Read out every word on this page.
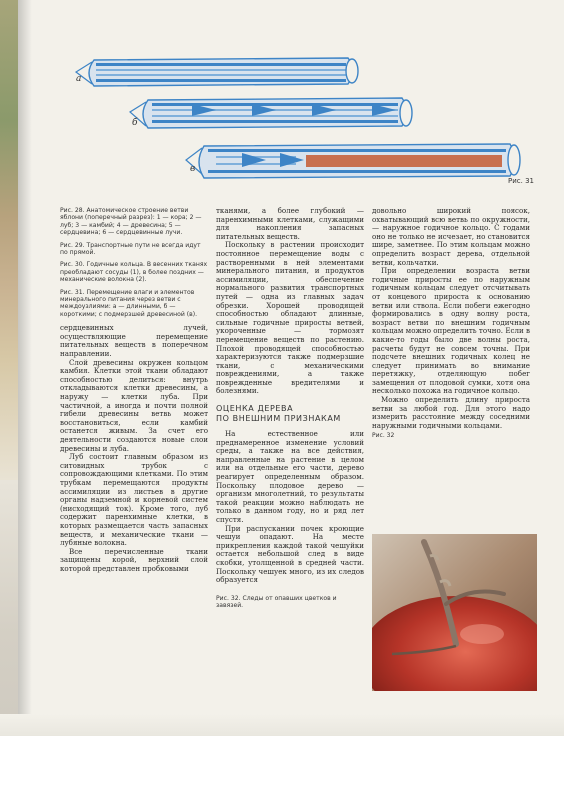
а
б
в
Рис. 31

Рис. 28. Анатомическое строение ветви яблони (поперечный разрез): 1 — кора; 2 — луб; 3 — камбий; 4 — древесина; 5 — сердцевина; 6 — сердцевинные лучи.

Рис. 29. Транспортные пути не всегда идут по прямой.

Рис. 30. Годичные кольца. В весенних тканях преобладают сосуды (1), в более поздних — механические волокна (2).

Рис. 31. Перемещение влаги и элементов минерального питания через ветви с междоузлиями: а — длинными, б — короткими; с подмерзшей древесиной (в).

сердцевинных лучей, осуществляющие перемещение питательных веществ в поперечном направлении.

Слой древесины окружен кольцом камбия. Клетки этой ткани обладают способностью делиться: внутрь откладываются клетки древесины, а наружу — клетки луба. При частичной, а иногда и почти полной гибели древесины ветвь может восстановиться, если камбий останется живым. За счет его деятельности создаются новые слои древесины и луба.

Луб состоит главным образом из ситовидных трубок с сопровождающими клетками. По этим трубкам перемещаются продукты ассимиляции из листьев в другие органы надземной и корневой систем (нисходящий ток). Кроме того, луб содержит паренхимные клетки, в которых размещается часть запасных веществ, и механические ткани — лубяные волокна.

Все перечисленные ткани защищены корой, верхний слой которой представлен пробковыми

тканями, а более глубокий — паренхимными клетками, служащими для накопления запасных питательных веществ.

Поскольку в растении происходит постоянное перемещение воды с растворенными в ней элементами минерального питания, и продуктов ассимиляции, обеспечение нормального развития транспортных путей — одна из главных задач обрезки. Хорошей проводящей способностью обладают длинные, сильные годичные приросты ветвей, укороченные — тормозят перемещение веществ по растению. Плохой проводящей способностью характеризуются также подмерзшие ткани, с механическими повреждениями, а также поврежденные вредителями и болезнями.

ОЦЕНКА ДЕРЕВА
ПО ВНЕШНИМ ПРИЗНАКАМ

На естественное или преднамеренное изменение условий среды, а также на все действия, направленные на растение в целом или на отдельные его части, дерево реагирует определенным образом. Поскольку плодовое дерево — организм многолетний, то результаты такой реакции можно наблюдать не только в данном году, но и ряд лет спустя.

При распускании почек кроющие чешуи опадают. На месте прикрепления каждой такой чешуйки остается небольшой след в виде скобки, утолщенной в средней части. Поскольку чешуек много, из их следов образуется

Рис. 32. Следы от опавших цветков и завязей.

довольно широкий поясок, охватывающий всю ветвь по окружности, — наружное годичное кольцо. С годами оно не только не исчезает, но становится шире, заметнее. По этим кольцам можно определить возраст дерева, отдельной ветви, кольчатки.

При определении возраста ветви годичные приросты ее по наружным годичным кольцам следует отсчитывать от концевого прироста к основанию ветви или ствола. Если побеги ежегодно формировались в одну волну роста, возраст ветви по внешним годичным кольцам можно определить точно. Если в какие-то годы было две волны роста, расчеты будут не совсем точны. При подсчете внешних годичных колец не следует принимать во внимание перетяжку, отделяющую побег замещения от плодовой сумки, хотя она несколько похожа на годичное кольцо.

Можно определить длину прироста ветви за любой год. Для этого надо измерить расстояние между соседними наружными годичными кольцами.

Рис. 32
